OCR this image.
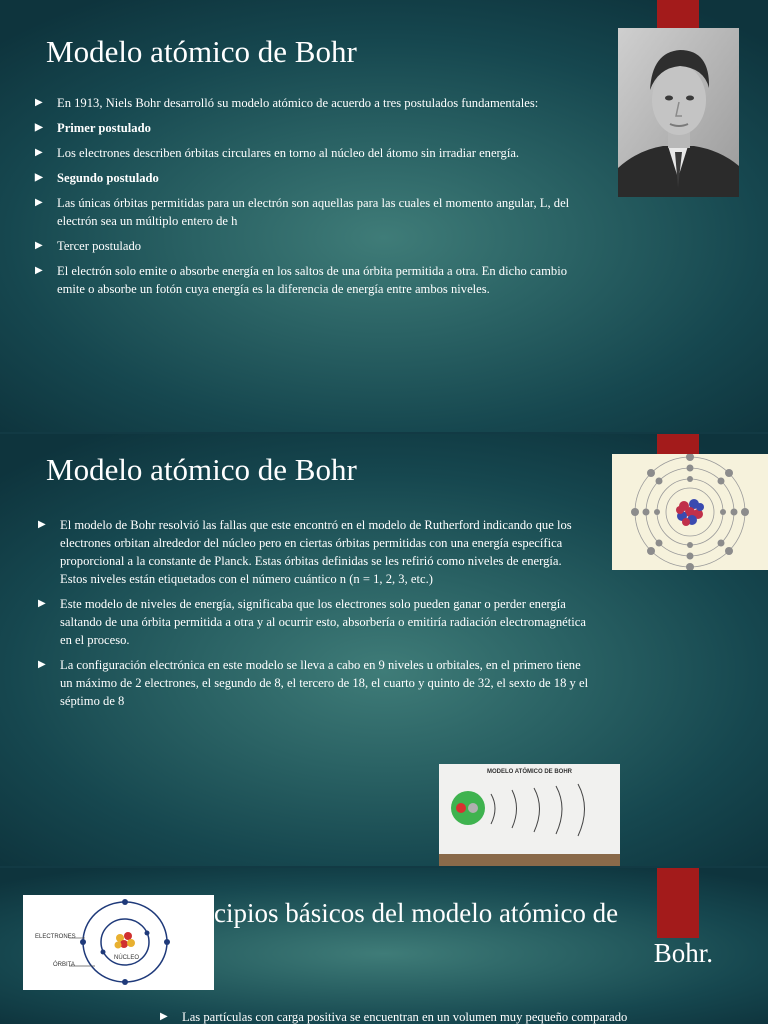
Modelo atómico de Bohr
▶ En 1913, Niels Bohr desarrolló su modelo atómico de acuerdo a tres postulados fundamentales:
▶ Primer postulado
▶ Los electrones describen órbitas circulares en torno al núcleo del átomo sin irradiar energía.
▶ Segundo postulado
▶ Las únicas órbitas permitidas para un electrón son aquellas para las cuales el momento angular, L, del electrón sea un múltiplo entero de h
▶ Tercer postulado
▶ El electrón solo emite o absorbe energía en los saltos de una órbita permitida a otra. En dicho cambio emite o absorbe un fotón cuya energía es la diferencia de energía entre ambos niveles.
Modelo atómico de Bohr
▶ El modelo de Bohr resolvió las fallas que este encontró en el modelo de Rutherford indicando que los electrones orbitan alrededor del núcleo pero en ciertas órbitas permitidas con una energía específica proporcional a la constante de Planck. Estas órbitas definidas se les refirió como niveles de energía. Estos niveles están etiquetados con el número cuántico n (n = 1, 2, 3, etc.)
▶ Este modelo de niveles de energía, significaba que los electrones solo pueden ganar o perder energía saltando de una órbita permitida a otra y al ocurrir esto, absorbería o emitiría radiación electromagnética en el proceso.
▶ La configuración electrónica en este modelo se lleva a cabo en 9 niveles u orbitales, en el primero tiene un máximo de 2 electrones, el segundo de 8, el tercero de 18, el cuarto y quinto de 32, el sexto de 18 y el séptimo de 8
MODELO ATÓMICO DE BOHR
cipios básicos del modelo atómico de
Bohr.
ELECTRONES
ÓRBITA
NÚCLEO
▶ Las partículas con carga positiva se encuentran en un volumen muy pequeño comparado
